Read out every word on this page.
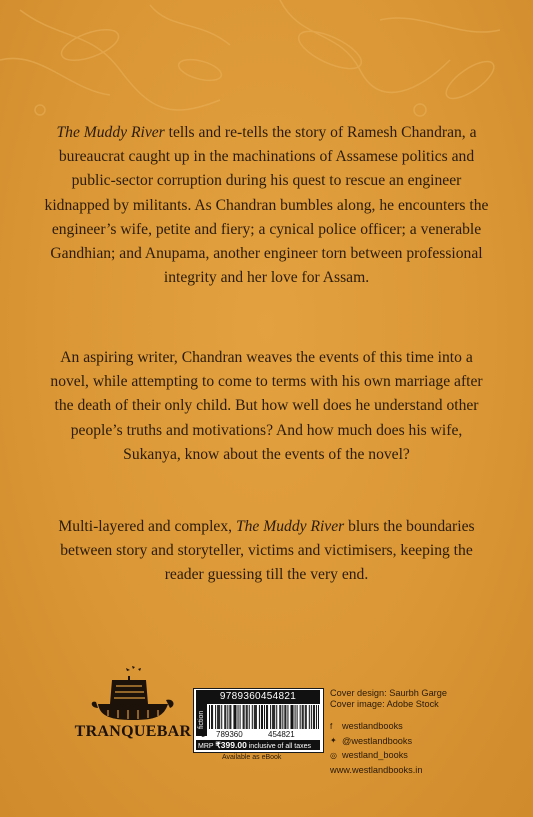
The Muddy River tells and re-tells the story of Ramesh Chandran, a bureaucrat caught up in the machinations of Assamese politics and public-sector corruption during his quest to rescue an engineer kidnapped by militants. As Chandran bumbles along, he encounters the engineer’s wife, petite and fiery; a cynical police officer; a venerable Gandhian; and Anupama, another engineer torn between professional integrity and her love for Assam.

An aspiring writer, Chandran weaves the events of this time into a novel, while attempting to come to terms with his own marriage after the death of their only child. But how well does he understand other people’s truths and motivations? And how much does his wife, Sukanya, know about the events of the novel?

Multi-layered and complex, The Muddy River blurs the boundaries between story and storyteller, victims and victimisers, keeping the reader guessing till the very end.

TRANQUEBAR
9789360454821
fiction
9 789360	454821
MRP ₹399.00 inclusive of all taxes
Available as eBook
Cover design: Saurbh Garge
Cover image: Adobe Stock
f	westlandbooks
✦ @westlandbooks
◎ westland_books
www.westlandbooks.in
